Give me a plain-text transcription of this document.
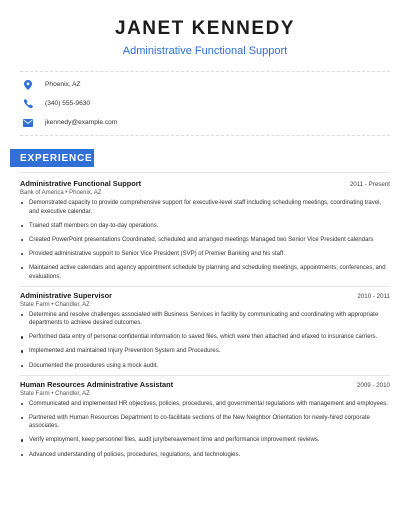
JANET KENNEDY
Administrative Functional Support
Phoenix, AZ
(340) 555-9630
jkennedy@example.com
EXPERIENCE
Administrative Functional Support	2011 - Present
Bank of America • Phoenix, AZ
Demonstrated capacity to provide comprehensive support for executive-level staff including scheduling meetings, coordinating travel, and executive calendar.
Trained staff members on day-to-day operations.
Created PowerPoint presentations Coordinated, scheduled and arranged meetings Managed two Senior Vice President calendars
Provided administrative support to Senior Vice President (SVP) of Premier Banking and his staff.
Maintained active calendars and agency appointment schedule by planning and scheduling meetings, appointments, conferences, and evaluations.
Administrative Supervisor	2010 - 2011
State Farm • Chandler, AZ
Determine and resolve challenges associated with Business Services in facility by communicating and coordinating with appropriate departments to achieve desired outcomes.
Performed data entry of personal confidential information to saved files, which were then attached and efaxed to insurance carriers.
Implemented and maintained Injury Prevention System and Procedures.
Documented the procedures using a mock audit.
Human Resources Administrative Assistant	2009 - 2010
State Farm • Chandler, AZ
Communicated and implemented HR objectives, policies, procedures, and governmental regulations with management and employees.
Partnered with Human Resources Department to co-facilitate sections of the New Neighbor Orientation for newly-hired corporate associates.
Verify employment, keep personnel files, audit jury/bereavement time and performance improvement reviews.
Advanced understanding of policies, procedures, regulations, and technologies.
